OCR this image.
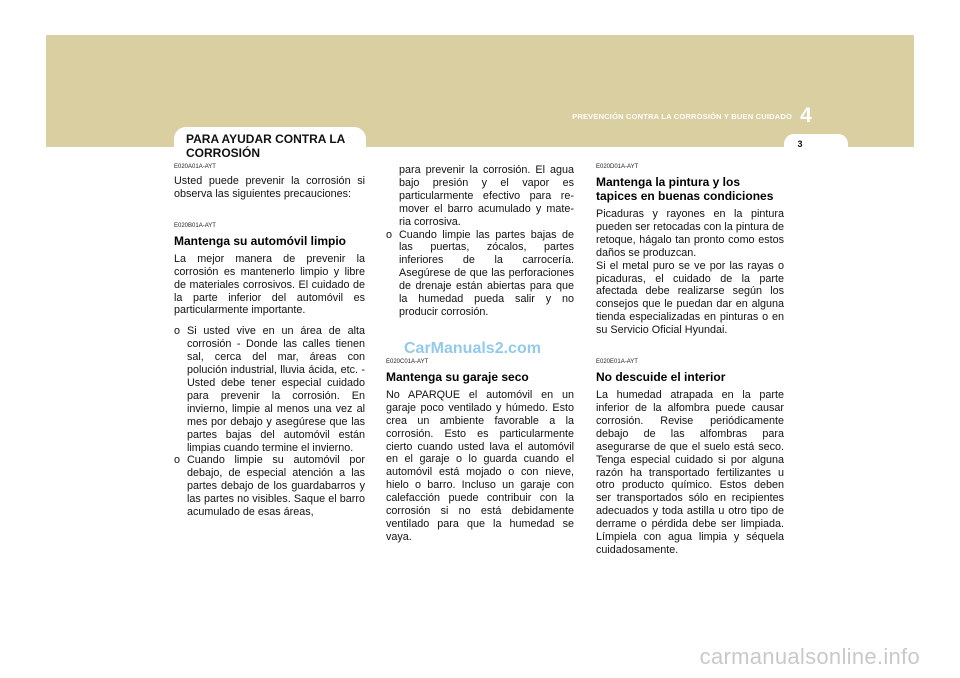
PREVENCIÓN CONTRA LA CORROSIÓN Y BUEN CUIDADO 4
3
PARA AYUDAR CONTRA LA CORROSIÓN

E020A01A-AYT

Usted puede prevenir la corrosión si observa las siguientes precauciones:

E020B01A-AYT

Mantenga su automóvil limpio

La mejor manera de prevenir la corrosión es mantenerlo limpio y libre de materiales corrosivos. El cuidado de la parte inferior del automóvil es particularmente importante.

o Si usted vive en un área de alta corrosión - Donde las calles tienen sal, cerca del mar, áreas con polución industrial, lluvia ácida, etc. - Usted debe tener especial cuidado para prevenir la corrosión. En invierno, limpie al menos una vez al mes por debajo y asegúrese que las partes bajas del automóvil están limpias cuando termine el invierno.
o Cuando limpie su automóvil por debajo, de especial atención a las partes debajo de los guardabarros y las partes no visibles. Saque el barro acumulado de esas áreas,

para prevenir la corrosión. El agua bajo presión y el vapor es particularmente efectivo para re- mover el barro acumulado y mate- ria corrosiva.

o Cuando limpie las partes bajas de las puertas, zócalos, partes inferiores de la carrocería. Asegúrese de que las perforaciones de drenaje están abiertas para que la humedad pueda salir y no producir corrosión.

E020C01A-AYT

Mantenga su garaje seco

No APARQUE el automóvil en un garaje poco ventilado y húmedo. Esto crea un ambiente favorable a la corrosión. Esto es particularmente cierto cuando usted lava el automóvil en el garaje o lo guarda cuando el automóvil está mojado o con nieve, hielo o barro. Incluso un garaje con calefacción puede contribuir con la corrosión si no está debidamente ventilado para que la humedad se vaya.

E020D01A-AYT

Mantenga la pintura y los tapices en buenas condiciones

Picaduras y rayones en la pintura pueden ser retocadas con la pintura de retoque, hágalo tan pronto como estos daños se produzcan.

Si el metal puro se ve por las rayas o picaduras, el cuidado de la parte afectada debe realizarse según los consejos que le puedan dar en alguna tienda especializadas en pinturas o en su Servicio Oficial Hyundai.

E020E01A-AYT

No descuide el interior

La humedad atrapada en la parte inferior de la alfombra puede causar corrosión. Revise periódicamente debajo de las alfombras para asegurarse de que el suelo está seco. Tenga especial cuidado si por alguna razón ha transportado fertilizantes u otro producto químico. Estos deben ser transportados sólo en recipientes adecuados y toda astilla u otro tipo de derrame o pérdida debe ser limpiada. Límpiela con agua limpia y séquela cuidadosamente.

CarManuals2.com
carmanualsonline.info
